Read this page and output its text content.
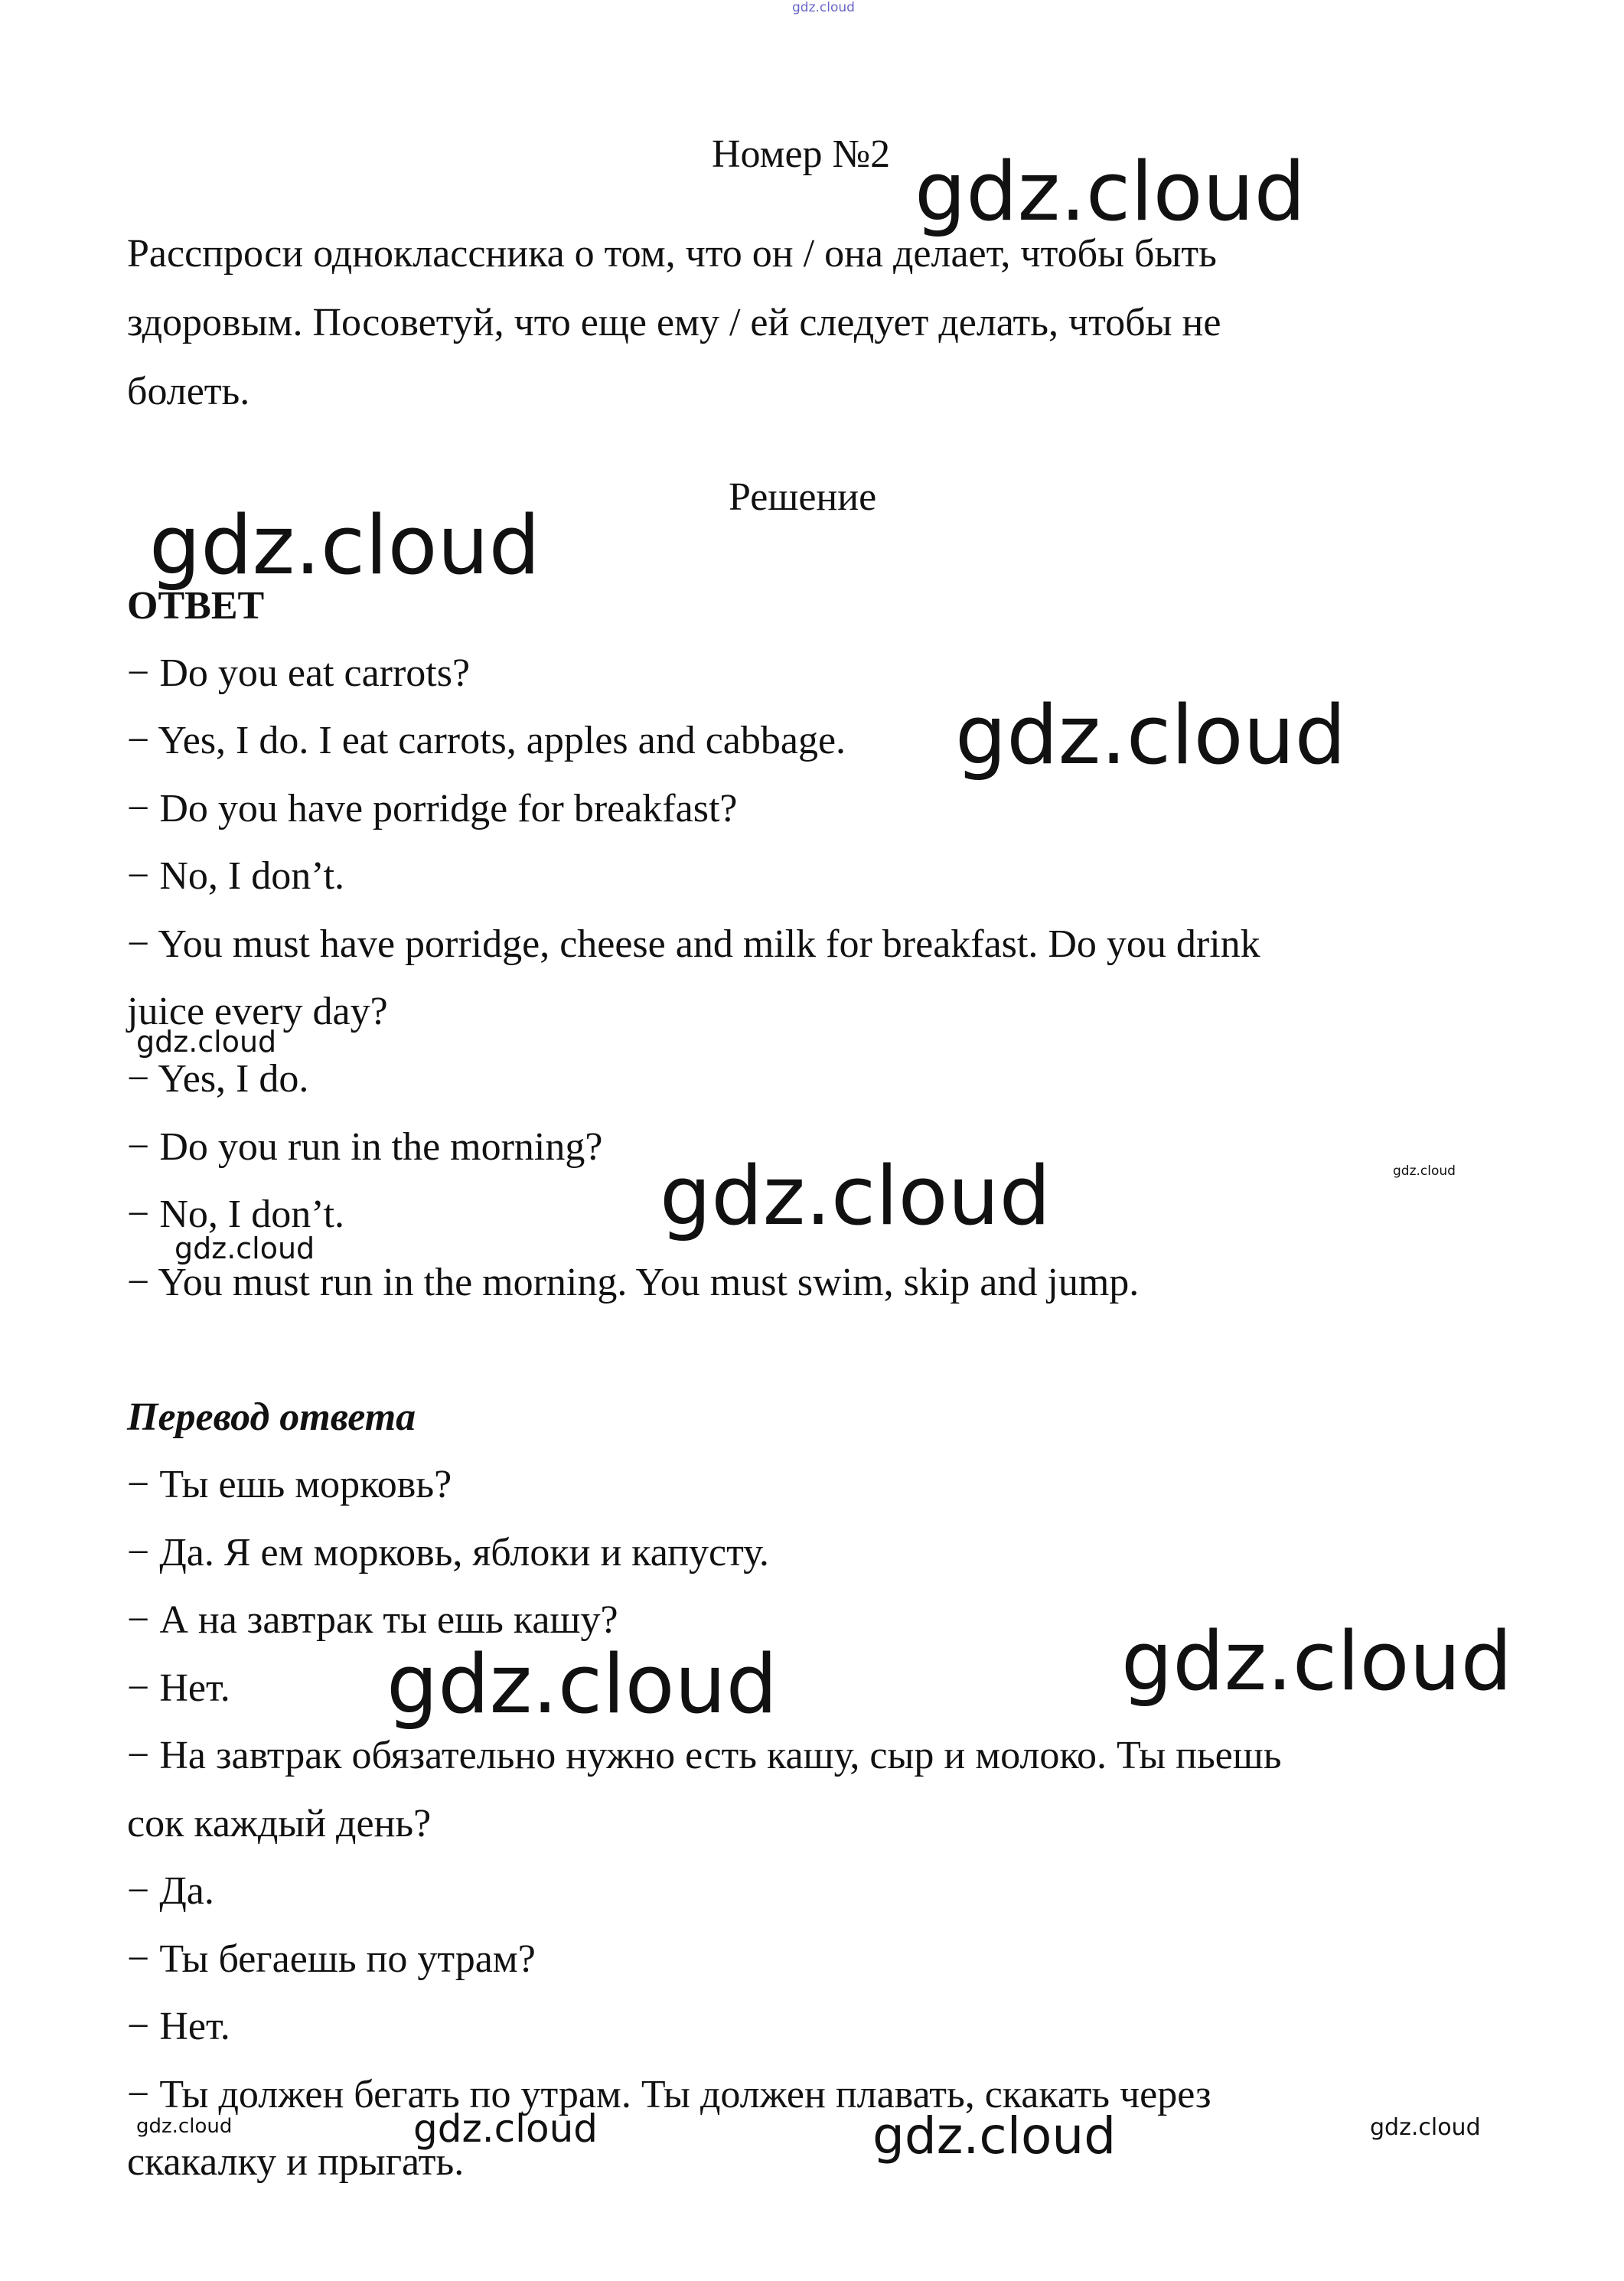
Номер №2
Расспроси одноклассника о том, что он / она делает, чтобы быть
здоровым. Посоветуй, что еще ему / ей следует делать, чтобы не
болеть.
Решение
ОТВЕТ
− Do you eat carrots?
− Yes, I do. I eat carrots, apples and cabbage.
− Do you have porridge for breakfast?
− No, I don’t.
− You must have porridge, cheese and milk for breakfast. Do you drink
juice every day?
− Yes, I do.
− Do you run in the morning?
− No, I don’t.
− You must run in the morning. You must swim, skip and jump.
Перевод ответа
− Ты ешь морковь?
− Да. Я ем морковь, яблоки и капусту.
− А на завтрак ты ешь кашу?
− Нет.
− На завтрак обязательно нужно есть кашу, сыр и молоко. Ты пьешь
сок каждый день?
− Да.
− Ты бегаешь по утрам?
− Нет.
− Ты должен бегать по утрам. Ты должен плавать, скакать через
скакалку и прыгать.
gdz.cloud
gdz.cloud
gdz.cloud
gdz.cloud
gdz.cloud
gdz.cloud
gdz.cloud
gdz.cloud
gdz.cloud
gdz.cloud
gdz.cloud	gdz.cloud	gdz.cloud	gdz.cloud
